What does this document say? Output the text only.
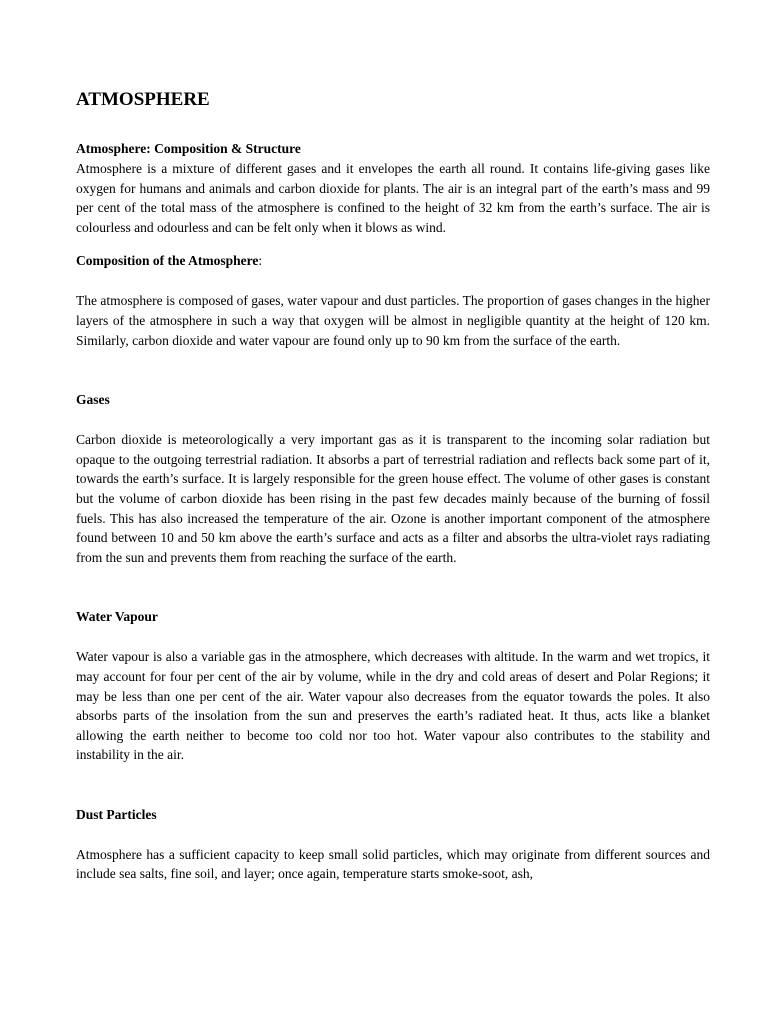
ATMOSPHERE

Atmosphere: Composition & Structure

Atmosphere is a mixture of different gases and it envelopes the earth all round. It contains life-giving gases like oxygen for humans and animals and carbon dioxide for plants. The air is an integral part of the earth’s mass and 99 per cent of the total mass of the atmosphere is confined to the height of 32 km from the earth’s surface. The air is colourless and odourless and can be felt only when it blows as wind.

Composition of the Atmosphere:

The atmosphere is composed of gases, water vapour and dust particles. The proportion of gases changes in the higher layers of the atmosphere in such a way that oxygen will be almost in negligible quantity at the height of 120 km. Similarly, carbon dioxide and water vapour are found only up to 90 km from the surface of the earth.

Gases

Carbon dioxide is meteorologically a very important gas as it is transparent to the incoming solar radiation but opaque to the outgoing terrestrial radiation. It absorbs a part of terrestrial radiation and reflects back some part of it, towards the earth’s surface. It is largely responsible for the green house effect. The volume of other gases is constant but the volume of carbon dioxide has been rising in the past few decades mainly because of the burning of fossil fuels. This has also increased the temperature of the air. Ozone is another important component of the atmosphere found between 10 and 50 km above the earth’s surface and acts as a filter and absorbs the ultra-violet rays radiating from the sun and prevents them from reaching the surface of the earth.

Water Vapour

Water vapour is also a variable gas in the atmosphere, which decreases with altitude. In the warm and wet tropics, it may account for four per cent of the air by volume, while in the dry and cold areas of desert and Polar Regions; it may be less than one per cent of the air. Water vapour also decreases from the equator towards the poles. It also absorbs parts of the insolation from the sun and preserves the earth’s radiated heat. It thus, acts like a blanket allowing the earth neither to become too cold nor too hot. Water vapour also contributes to the stability and instability in the air.

Dust Particles

Atmosphere has a sufficient capacity to keep small solid particles, which may originate from different sources and include sea salts, fine soil, and layer; once again, temperature starts smoke-soot, ash,
